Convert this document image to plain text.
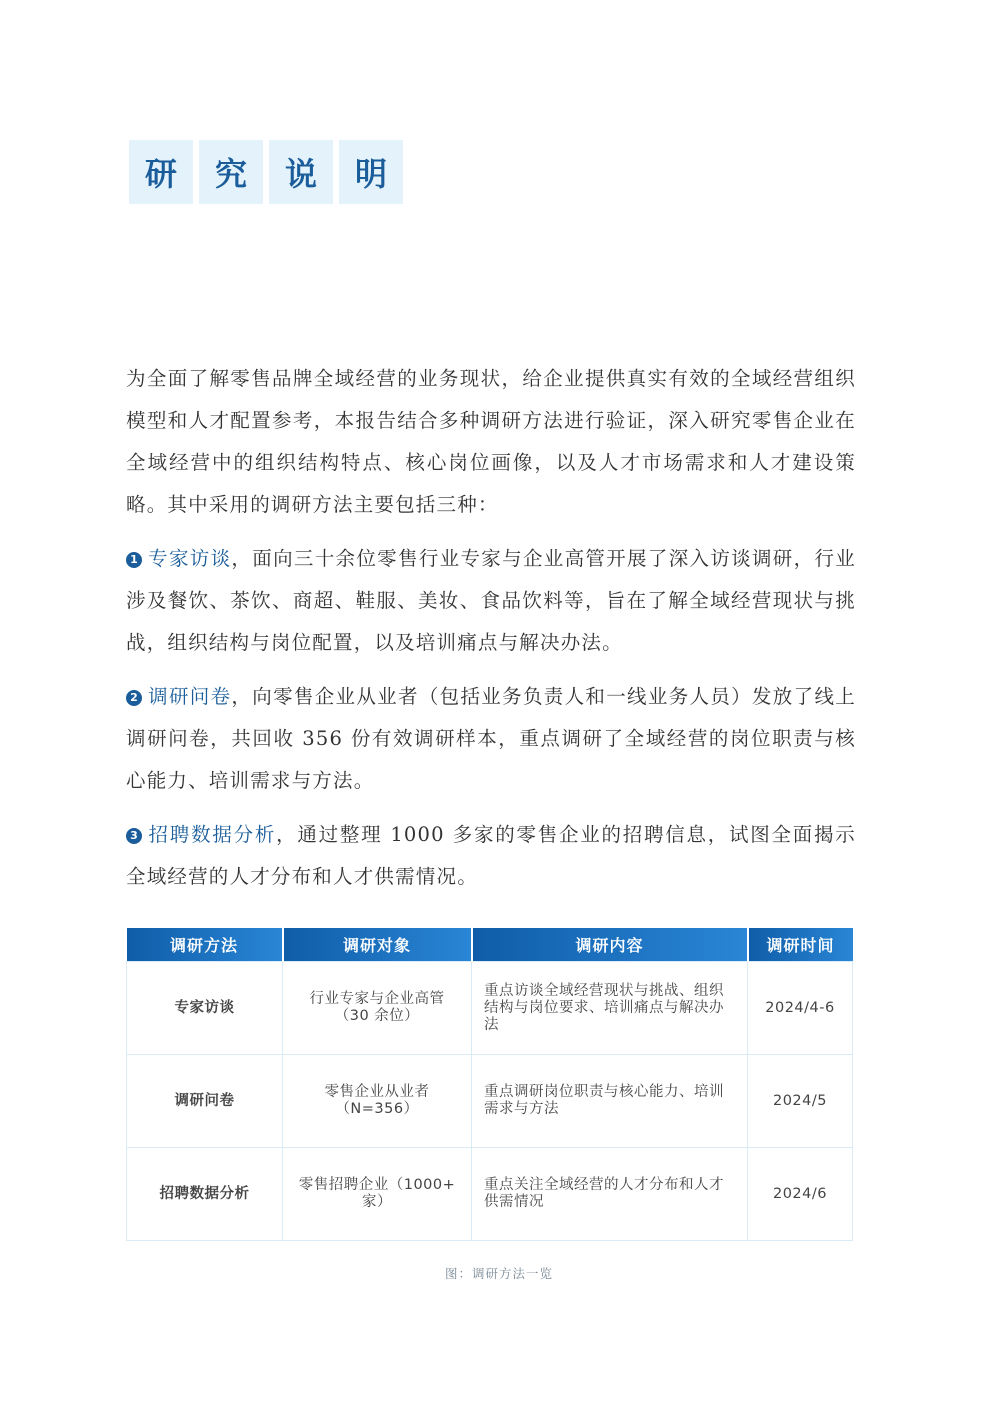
研	究	说	明

为全面了解零售品牌全域经营的业务现状，给企业提供真实有效的全域经营组织模型和人才配置参考，本报告结合多种调研方法进行验证，深入研究零售企业在全域经营中的组织结构特点、核心岗位画像，以及人才市场需求和人才建设策略。其中采用的调研方法主要包括三种：

1 专家访谈，面向三十余位零售行业专家与企业高管开展了深入访谈调研，行业涉及餐饮、茶饮、商超、鞋服、美妆、食品饮料等，旨在了解全域经营现状与挑战，组织结构与岗位配置，以及培训痛点与解决办法。

2 调研问卷，向零售企业从业者（包括业务负责人和一线业务人员）发放了线上调研问卷，共回收 356 份有效调研样本，重点调研了全域经营的岗位职责与核心能力、培训需求与方法。

3 招聘数据分析，通过整理 1000 多家的零售企业的招聘信息，试图全面揭示全域经营的人才分布和人才供需情况。

调研方法	调研对象	调研内容	调研时间
专家访谈	行业专家与企业高管（30 余位）	重点访谈全域经营现状与挑战、组织结构与岗位要求、培训痛点与解决办法	2024/4-6
调研问卷	零售企业从业者（N=356）	重点调研岗位职责与核心能力、培训需求与方法	2024/5
招聘数据分析	零售招聘企业（1000+ 家）	重点关注全域经营的人才分布和人才供需情况	2024/6
图：调研方法一览
